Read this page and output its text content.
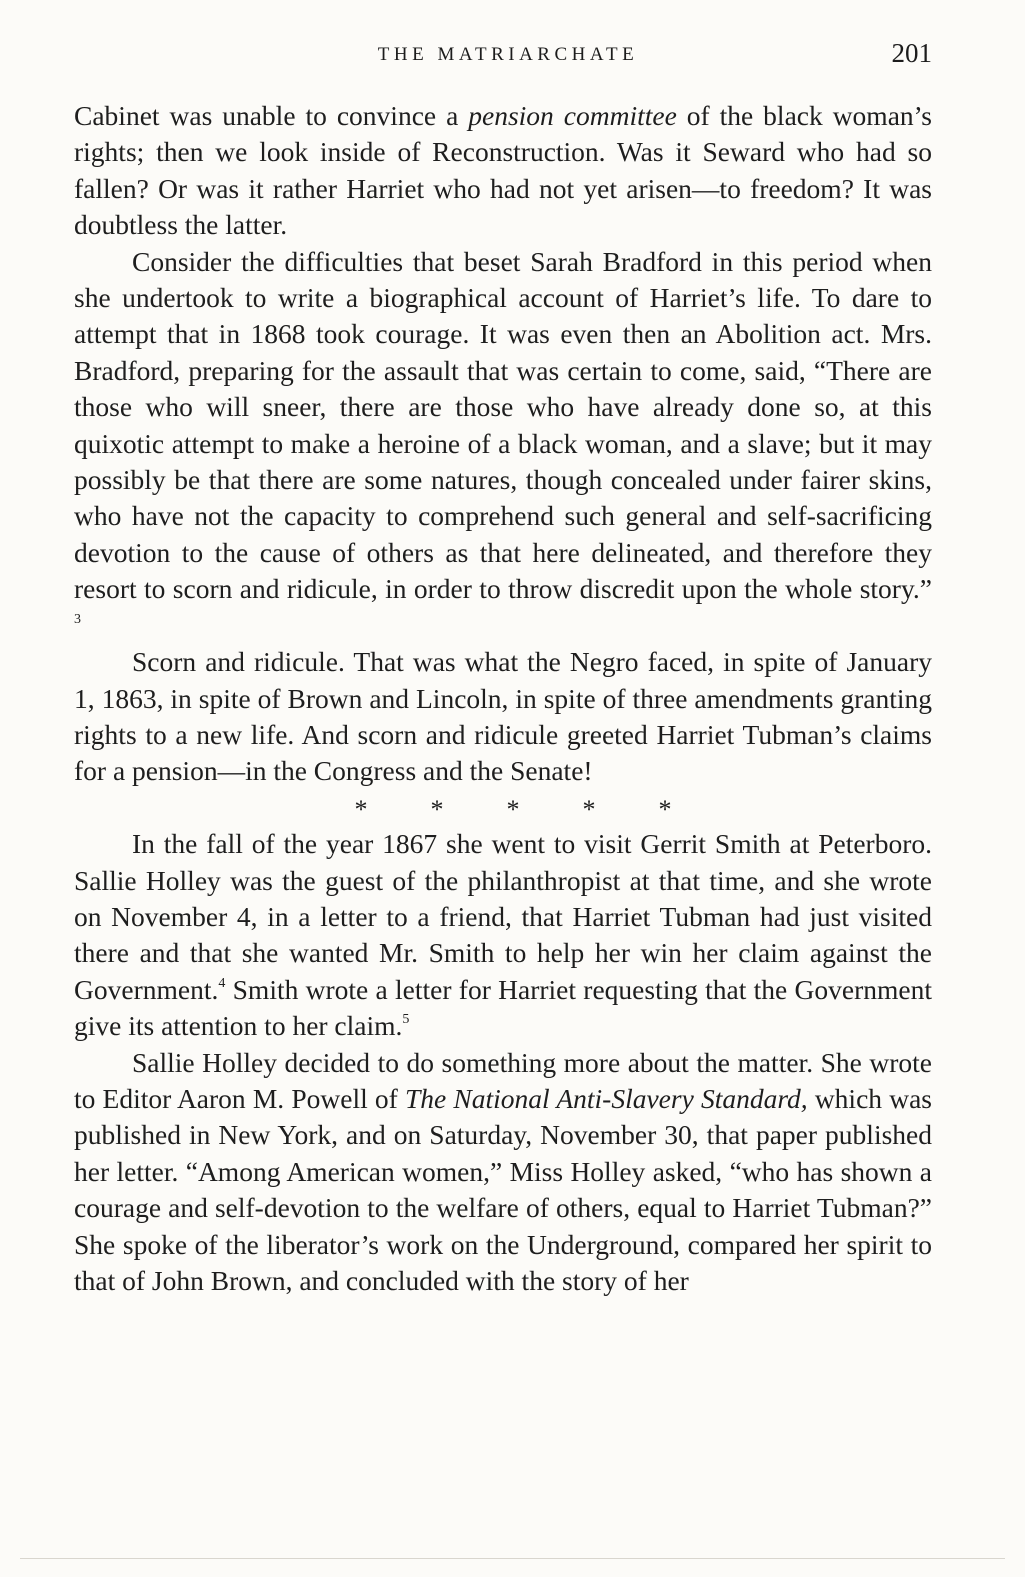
THE MATRIARCHATE	201

Cabinet was unable to convince a pension committee of the black woman’s rights; then we look inside of Reconstruction. Was it Seward who had so fallen? Or was it rather Harriet who had not yet arisen—to freedom? It was doubtless the latter.

Consider the difficulties that beset Sarah Bradford in this period when she undertook to write a biographical account of Harriet’s life. To dare to attempt that in 1868 took courage. It was even then an Abolition act. Mrs. Bradford, preparing for the assault that was certain to come, said, “There are those who will sneer, there are those who have already done so, at this quixotic attempt to make a heroine of a black woman, and a slave; but it may possibly be that there are some natures, though concealed under fairer skins, who have not the capacity to comprehend such general and self-sacrificing devotion to the cause of others as that here delineated, and therefore they resort to scorn and ridicule, in order to throw discredit upon the whole story.” $^3$

Scorn and ridicule. That was what the Negro faced, in spite of January 1, 1863, in spite of Brown and Lincoln, in spite of three amendments granting rights to a new life. And scorn and ridicule greeted Harriet Tubman’s claims for a pension—in the Congress and the Senate!

* * * * *

In the fall of the year 1867 she went to visit Gerrit Smith at Peterboro. Sallie Holley was the guest of the philanthropist at that time, and she wrote on November 4, in a letter to a friend, that Harriet Tubman had just visited there and that she wanted Mr. Smith to help her win her claim against the Government.$^4$ Smith wrote a letter for Harriet requesting that the Government give its attention to her claim.$^5$

Sallie Holley decided to do something more about the matter. She wrote to Editor Aaron M. Powell of The National Anti-Slavery Standard, which was published in New York, and on Saturday, November 30, that paper published her letter. “Among American women,” Miss Holley asked, “who has shown a courage and self-devotion to the welfare of others, equal to Harriet Tubman?” She spoke of the liberator’s work on the Underground, compared her spirit to that of John Brown, and concluded with the story of her
